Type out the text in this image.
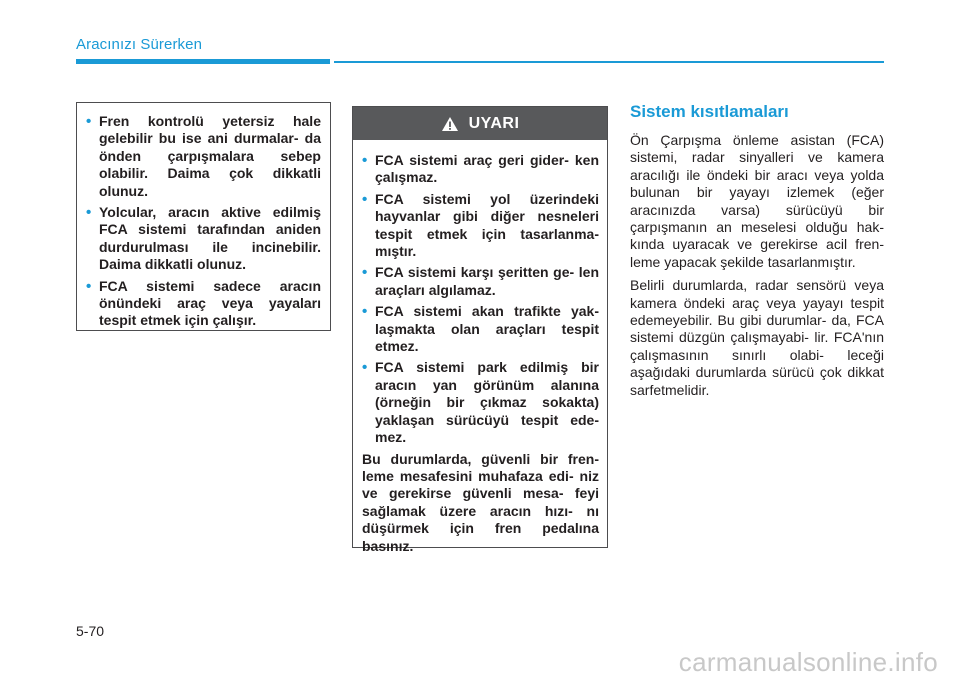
Aracınızı Sürerken
• Fren kontrolü yetersiz hale gelebilir bu ise ani durmalar- da önden çarpışmalara sebep olabilir. Daima çok dikkatli olunuz.
• Yolcular, aracın aktive edilmiş FCA sistemi tarafından aniden durdurulması ile incinebilir. Daima dikkatli olunuz.
• FCA sistemi sadece aracın önündeki araç veya yayaları tespit etmek için çalışır.
UYARI
• FCA sistemi araç geri gider- ken çalışmaz.
• FCA sistemi yol üzerindeki hayvanlar gibi diğer nesneleri tespit etmek için tasarlanma- mıştır.
• FCA sistemi karşı şeritten ge- len araçları algılamaz.
• FCA sistemi akan trafikte yak- laşmakta olan araçları tespit etmez.
• FCA sistemi park edilmiş bir aracın yan görünüm alanına (örneğin bir çıkmaz sokakta) yaklaşan sürücüyü tespit ede- mez.
Bu durumlarda, güvenli bir fren- leme mesafesini muhafaza edi- niz ve gerekirse güvenli mesa- feyi sağlamak üzere aracın hızı- nı düşürmek için fren pedalına basınız.
Sistem kısıtlamaları

Ön Çarpışma önleme asistan (FCA) sistemi, radar sinyalleri ve kamera aracılığı ile öndeki bir aracı veya yolda bulunan bir yayayı izlemek (eğer aracınızda varsa) sürücüyü bir çarpışmanın an meselesi olduğu hak- kında uyaracak ve gerekirse acil fren- leme yapacak şekilde tasarlanmıştır.

Belirli durumlarda, radar sensörü veya kamera öndeki araç veya yayayı tespit edemeyebilir. Bu gibi durumlar- da, FCA sistemi düzgün çalışmayabi- lir. FCA'nın çalışmasının sınırlı olabi- leceği aşağıdaki durumlarda sürücü çok dikkat sarfetmelidir.

5-70
carmanualsonline.info
